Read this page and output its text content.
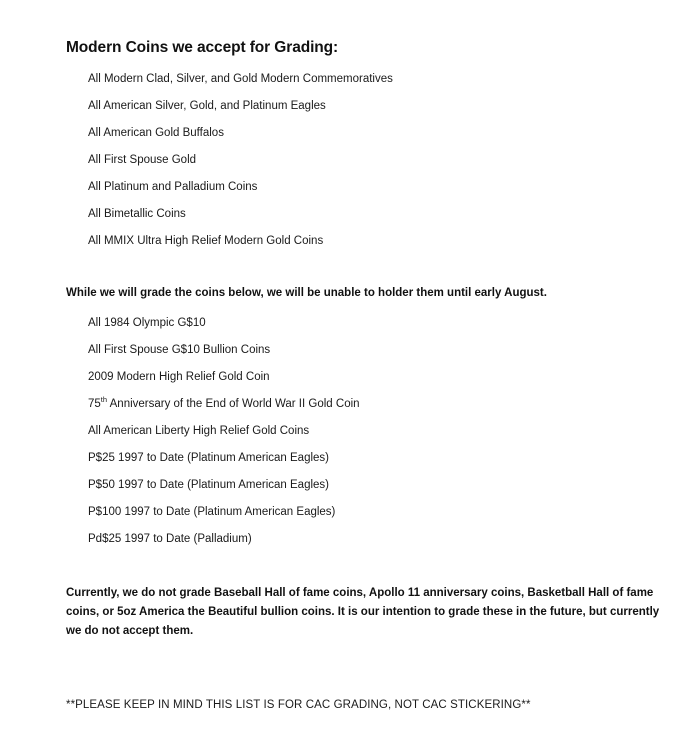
Modern Coins we accept for Grading:
All Modern Clad, Silver, and Gold Modern Commemoratives
All American Silver, Gold, and Platinum Eagles
All American Gold Buffalos
All First Spouse Gold
All Platinum and Palladium Coins
All Bimetallic Coins
All MMIX Ultra High Relief Modern Gold Coins

While we will grade the coins below, we will be unable to holder them until early August.

All 1984 Olympic G$10
All First Spouse G$10 Bullion Coins
2009 Modern High Relief Gold Coin
75th Anniversary of the End of World War II Gold Coin
All American Liberty High Relief Gold Coins
P$25 1997 to Date (Platinum American Eagles)
P$50 1997 to Date (Platinum American Eagles)
P$100 1997 to Date (Platinum American Eagles)
Pd$25 1997 to Date (Palladium)

Currently, we do not grade Baseball Hall of fame coins, Apollo 11 anniversary coins, Basketball Hall of fame coins, or 5oz America the Beautiful bullion coins. It is our intention to grade these in the future, but currently we do not accept them.

**PLEASE KEEP IN MIND THIS LIST IS FOR CAC GRADING, NOT CAC STICKERING**
